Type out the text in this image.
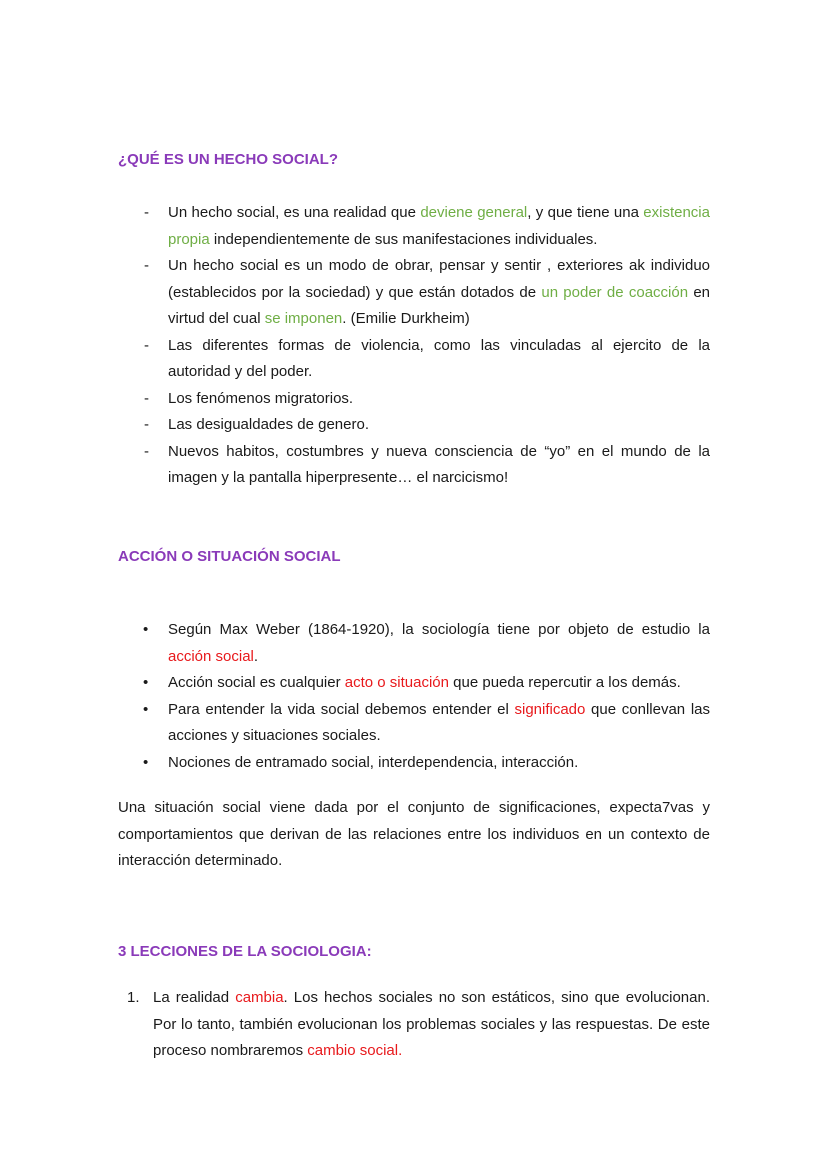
¿QUÉ ES UN HECHO SOCIAL?
- Un hecho social, es una realidad que deviene general, y que tiene una existencia propia independientemente de sus manifestaciones individuales.
- Un hecho social es un modo de obrar, pensar y sentir , exteriores ak individuo (establecidos por la sociedad) y que están dotados de un poder de coacción en virtud del cual se imponen. (Emilie Durkheim)
- Las diferentes formas de violencia, como las vinculadas al ejercito de la autoridad y del poder.
- Los fenómenos migratorios.
- Las desigualdades de genero.
- Nuevos habitos, costumbres y nueva consciencia de “yo” en el mundo de la imagen y la pantalla hiperpresente… el narcicismo!
ACCIÓN O SITUACIÓN SOCIAL
• Según Max Weber (1864-1920), la sociología tiene por objeto de estudio la acción social.
• Acción social es cualquier acto o situación que pueda repercutir a los demás.
• Para entender la vida social debemos entender el significado que conllevan las acciones y situaciones sociales.
• Nociones de entramado social, interdependencia, interacción.

Una situación social viene dada por el conjunto de significaciones, expecta7vas y comportamientos que derivan de las relaciones entre los individuos en un contexto de interacción determinado.

3 LECCIONES DE LA SOCIOLOGIA:
1. La realidad cambia. Los hechos sociales no son estáticos, sino que evolucionan. Por lo tanto, también evolucionan los problemas sociales y las respuestas. De este proceso nombraremos cambio social.
